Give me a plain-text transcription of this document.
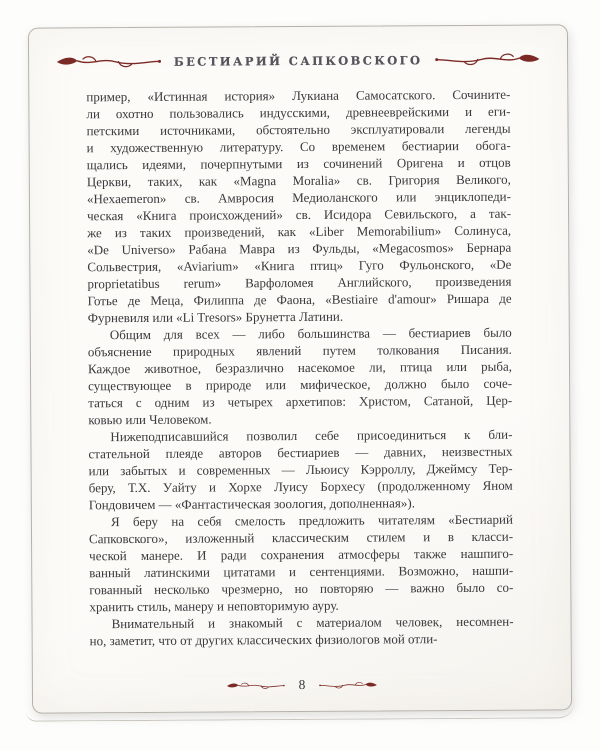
БЕСТИАРИЙ САПКОВСКОГО
пример, «Истинная история» Лукиана Самосатского. Сочините-
ли охотно пользовались индусскими, древнееврейскими и еги-
петскими источниками, обстоятельно эксплуатировали легенды
и художественную литературу. Со временем бестиарии обога-
щались идеями, почерпнутыми из сочинений Оригена и отцов
Церкви, таких, как «Magna Moralia» св. Григория Великого,
«Hexaemeron» св. Амвросия Медиоланского или энциклопеди-
ческая «Книга происхождений» св. Исидора Севильского, а так-
же из таких произведений, как «Liber Memorabilium» Солинуса,
«De Universo» Рабана Мавра из Фульды, «Megacosmos» Бернара
Сольвестрия, «Aviarium» «Книга птиц» Гуго Фульонского, «De
proprietatibus rerum» Варфоломея Английского, произведения
Готье де Меца, Филиппа де Фаона, «Bestiaire d'amour» Ришара де
Фурневиля или «Li Tresors» Брунетта Латини.
Общим для всех — либо большинства — бестиариев было
объяснение природных явлений путем толкования Писания.
Каждое животное, безразлично насекомое ли, птица или рыба,
существующее в природе или мифическое, должно было соче-
таться с одним из четырех архетипов: Христом, Сатаной, Цер-
ковью или Человеком.
Нижеподписавшийся позволил себе присоединиться к бли-
стательной плеяде авторов бестиариев — давних, неизвестных
или забытых и современных — Льюису Кэрроллу, Джеймсу Тер-
беру, Т.Х. Уайту и Хорхе Луису Борхесу (продолженному Яном
Гондовичем — «Фантастическая зоология, дополненная»).
Я беру на себя смелость предложить читателям «Бестиарий
Сапковского», изложенный классическим стилем и в класси-
ческой манере. И ради сохранения атмосферы также нашпиго-
ванный латинскими цитатами и сентенциями. Возможно, нашпи-
гованный несколько чрезмерно, но повторяю — важно было со-
хранить стиль, манеру и неповторимую ауру.
Внимательный и знакомый с материалом человек, несомнен-
но, заметит, что от других классических физиологов мой отли-
8
